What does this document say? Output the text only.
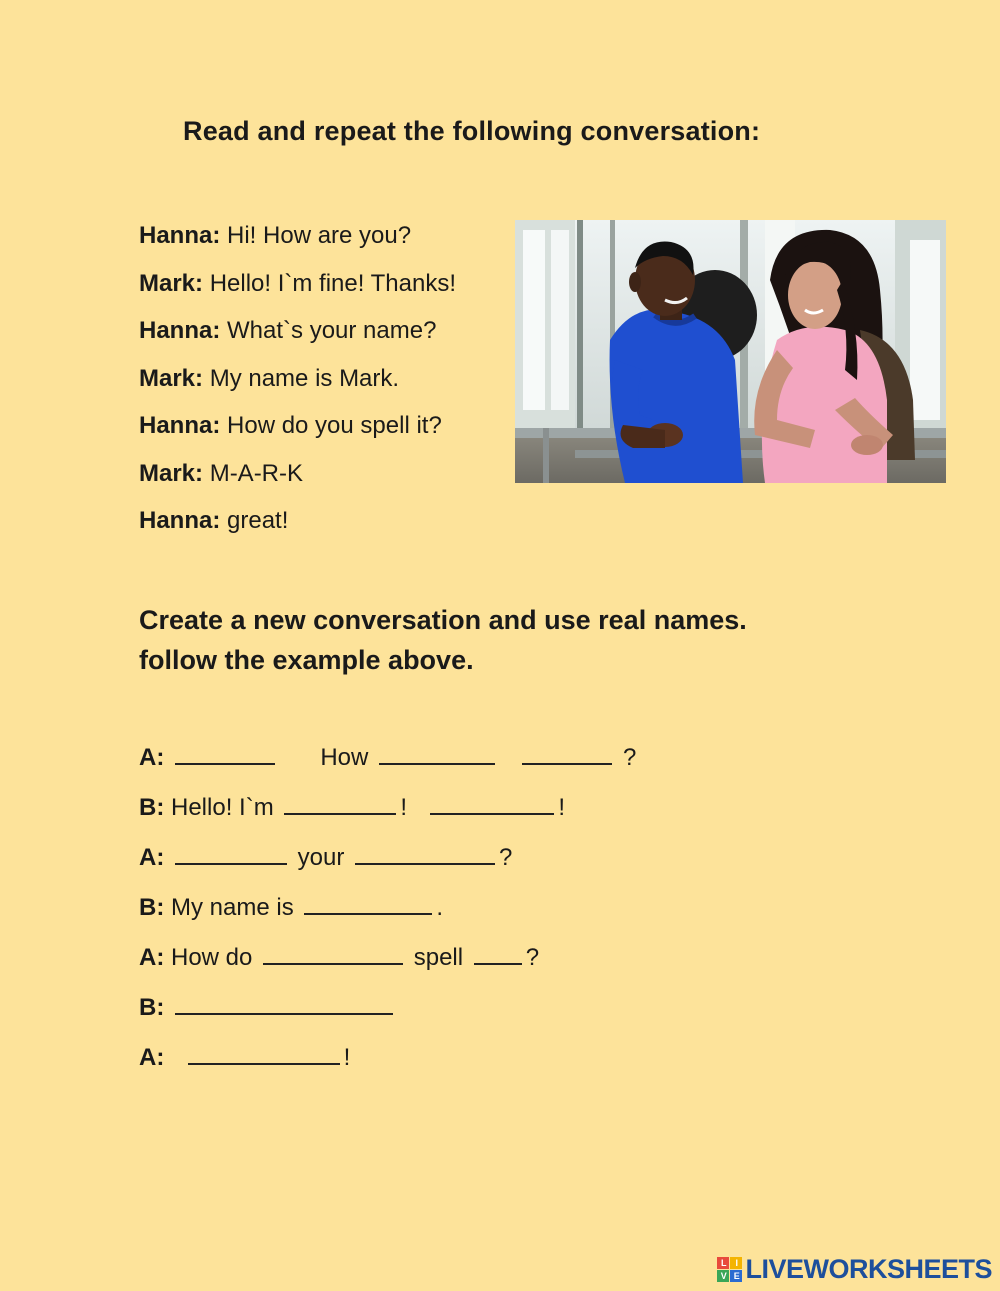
Read and repeat the following conversation:
Hanna: Hi! How are you?
Mark: Hello! I`m fine! Thanks!
Hanna: What`s your name?
Mark: My name is Mark.
Hanna: How do you spell it?
Mark: M-A-R-K
Hanna: great!
Create a new conversation and use real names.
follow the example above.
A:	How	?
B: Hello! I`m	!	!
A:	your	?
B: My name is	.
A: How do	spell	?
B:
A:	!
L	I
V E LIVEWORKSHEETS
